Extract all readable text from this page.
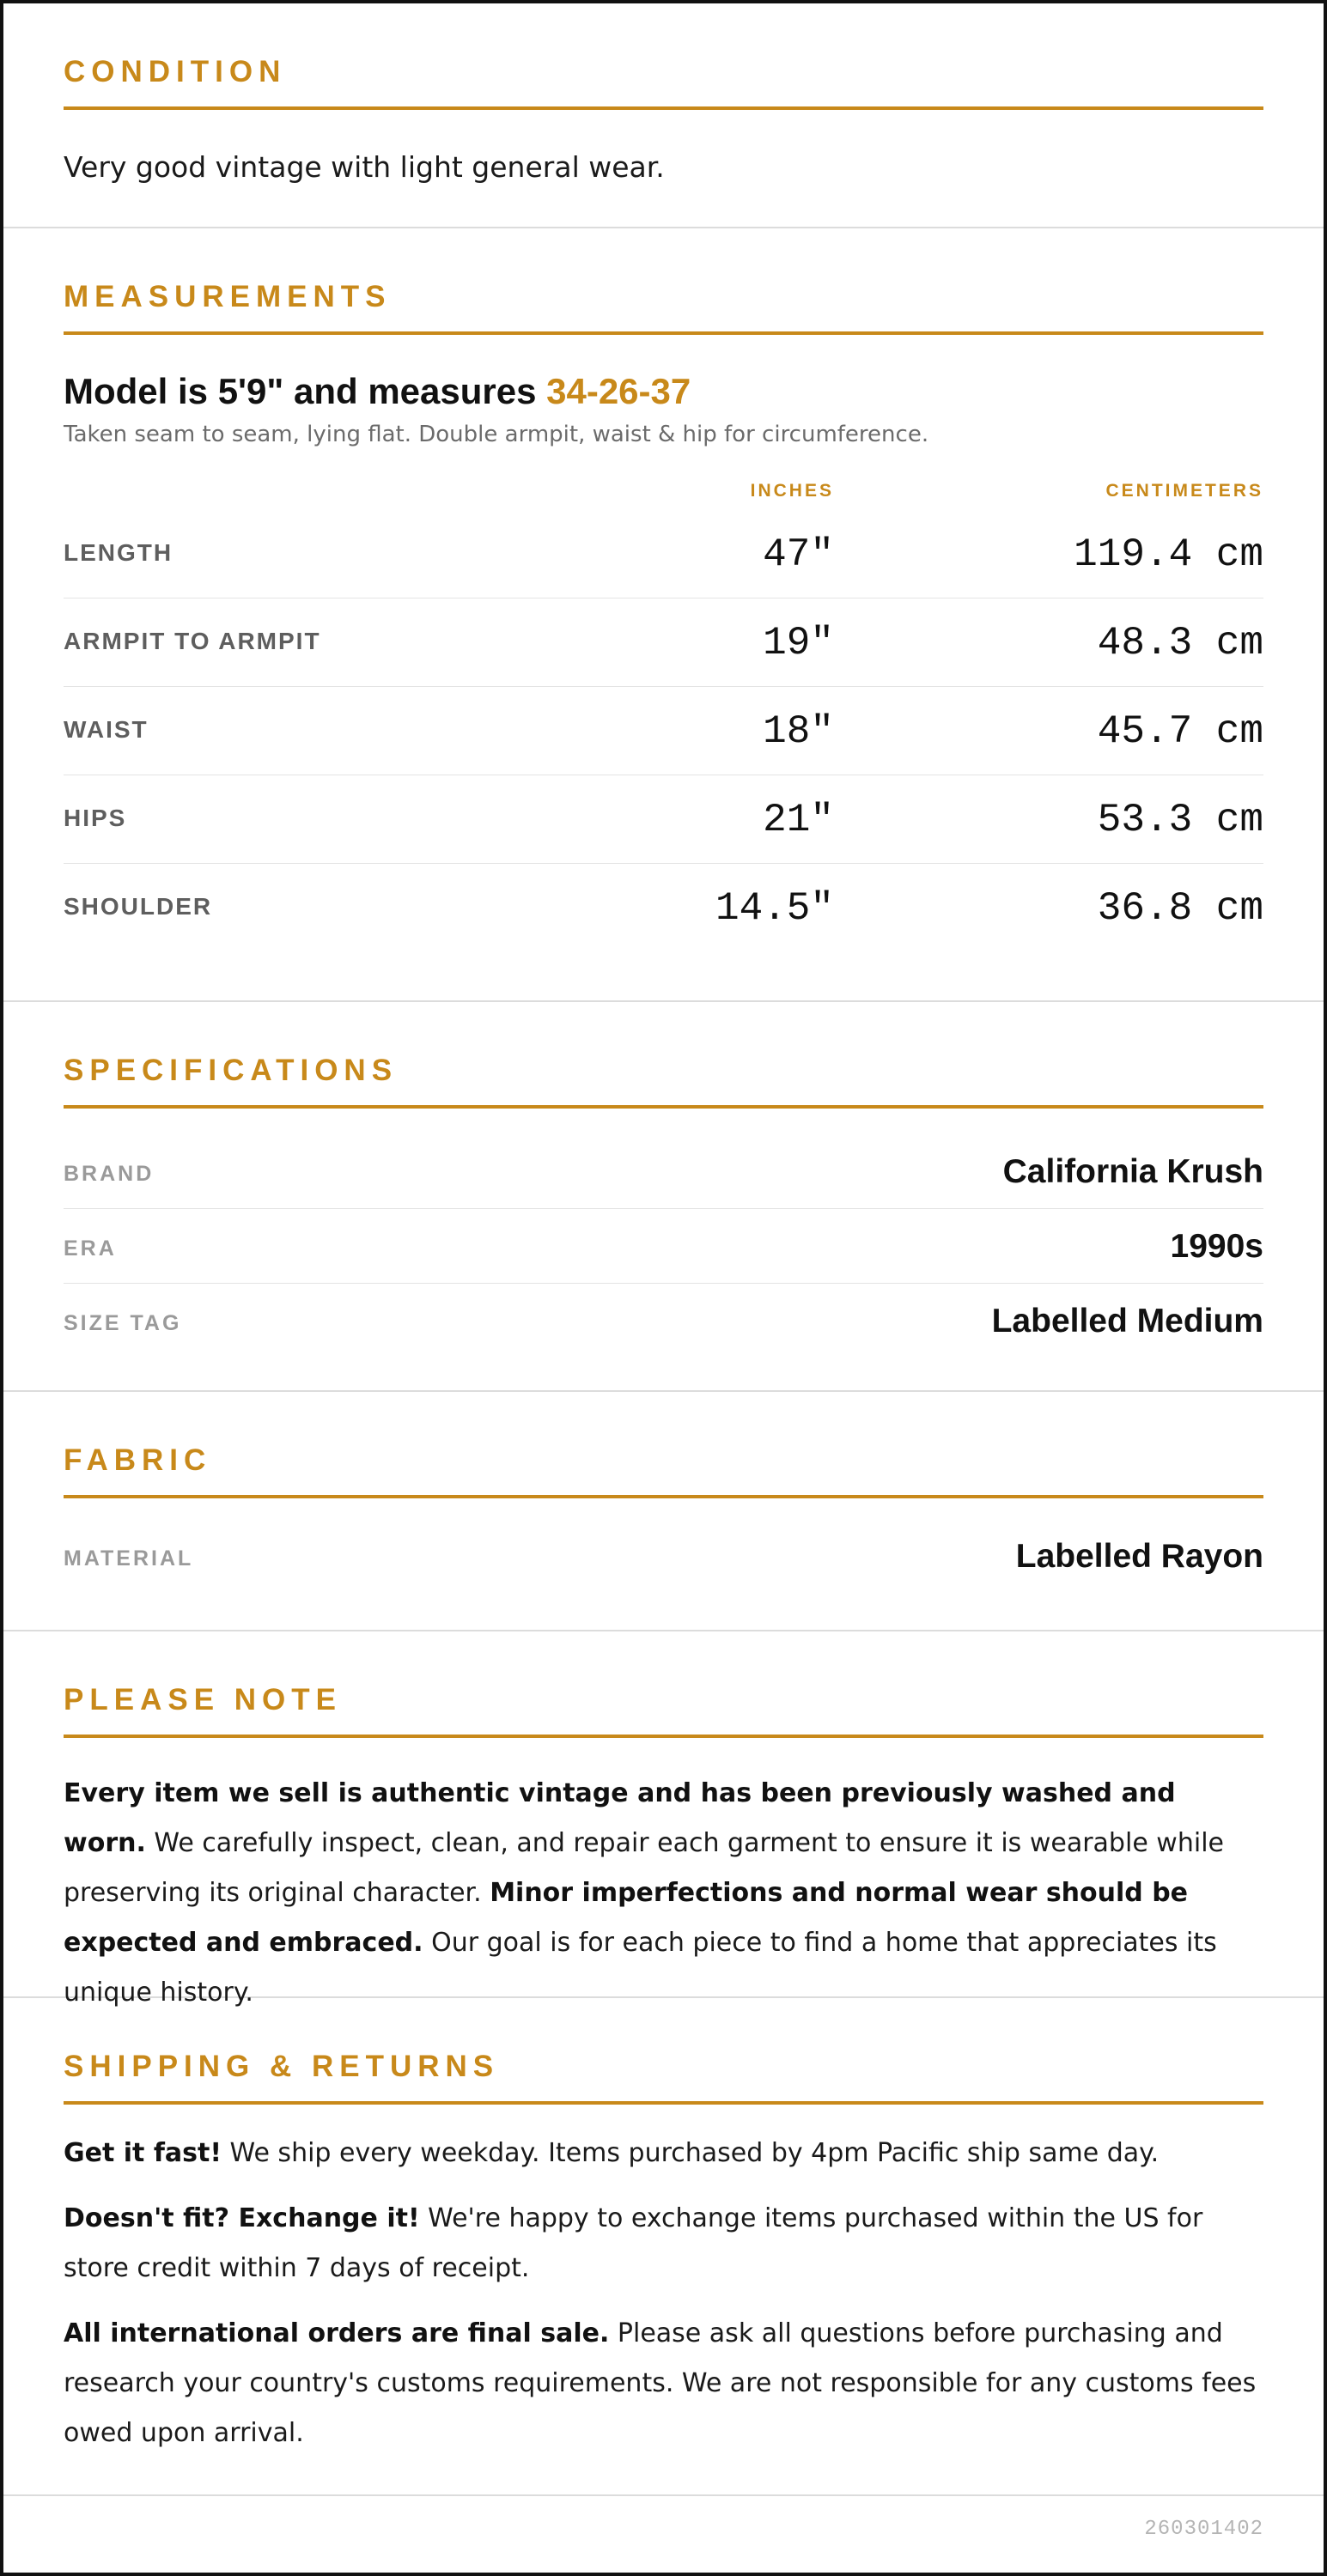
CONDITION
Very good vintage with light general wear.
MEASUREMENTS
Model is 5'9" and measures 34-26-37
Taken seam to seam, lying flat. Double armpit, waist & hip for circumference.
INCHES	CENTIMETERS
LENGTH	47"	119.4 cm
ARMPIT TO ARMPIT	19"	48.3 cm
WAIST	18"	45.7 cm
HIPS	21"	53.3 cm
SHOULDER	14.5"	36.8 cm
SPECIFICATIONS
BRAND	California Krush
ERA	1990s
SIZE TAG	Labelled Medium
FABRIC
MATERIAL	Labelled Rayon
PLEASE NOTE

Every item we sell is authentic vintage and has been previously washed and worn. We carefully inspect, clean, and repair each garment to ensure it is wearable while preserving its original character. Minor imperfections and normal wear should be expected and embraced. Our goal is for each piece to find a home that appreciates its unique history.

SHIPPING & RETURNS

Get it fast! We ship every weekday. Items purchased by 4pm Pacific ship same day.

Doesn't fit? Exchange it! We're happy to exchange items purchased within the US for store credit within 7 days of receipt.

All international orders are final sale. Please ask all questions before purchasing and research your country's customs requirements. We are not responsible for any customs fees owed upon arrival.

260301402
